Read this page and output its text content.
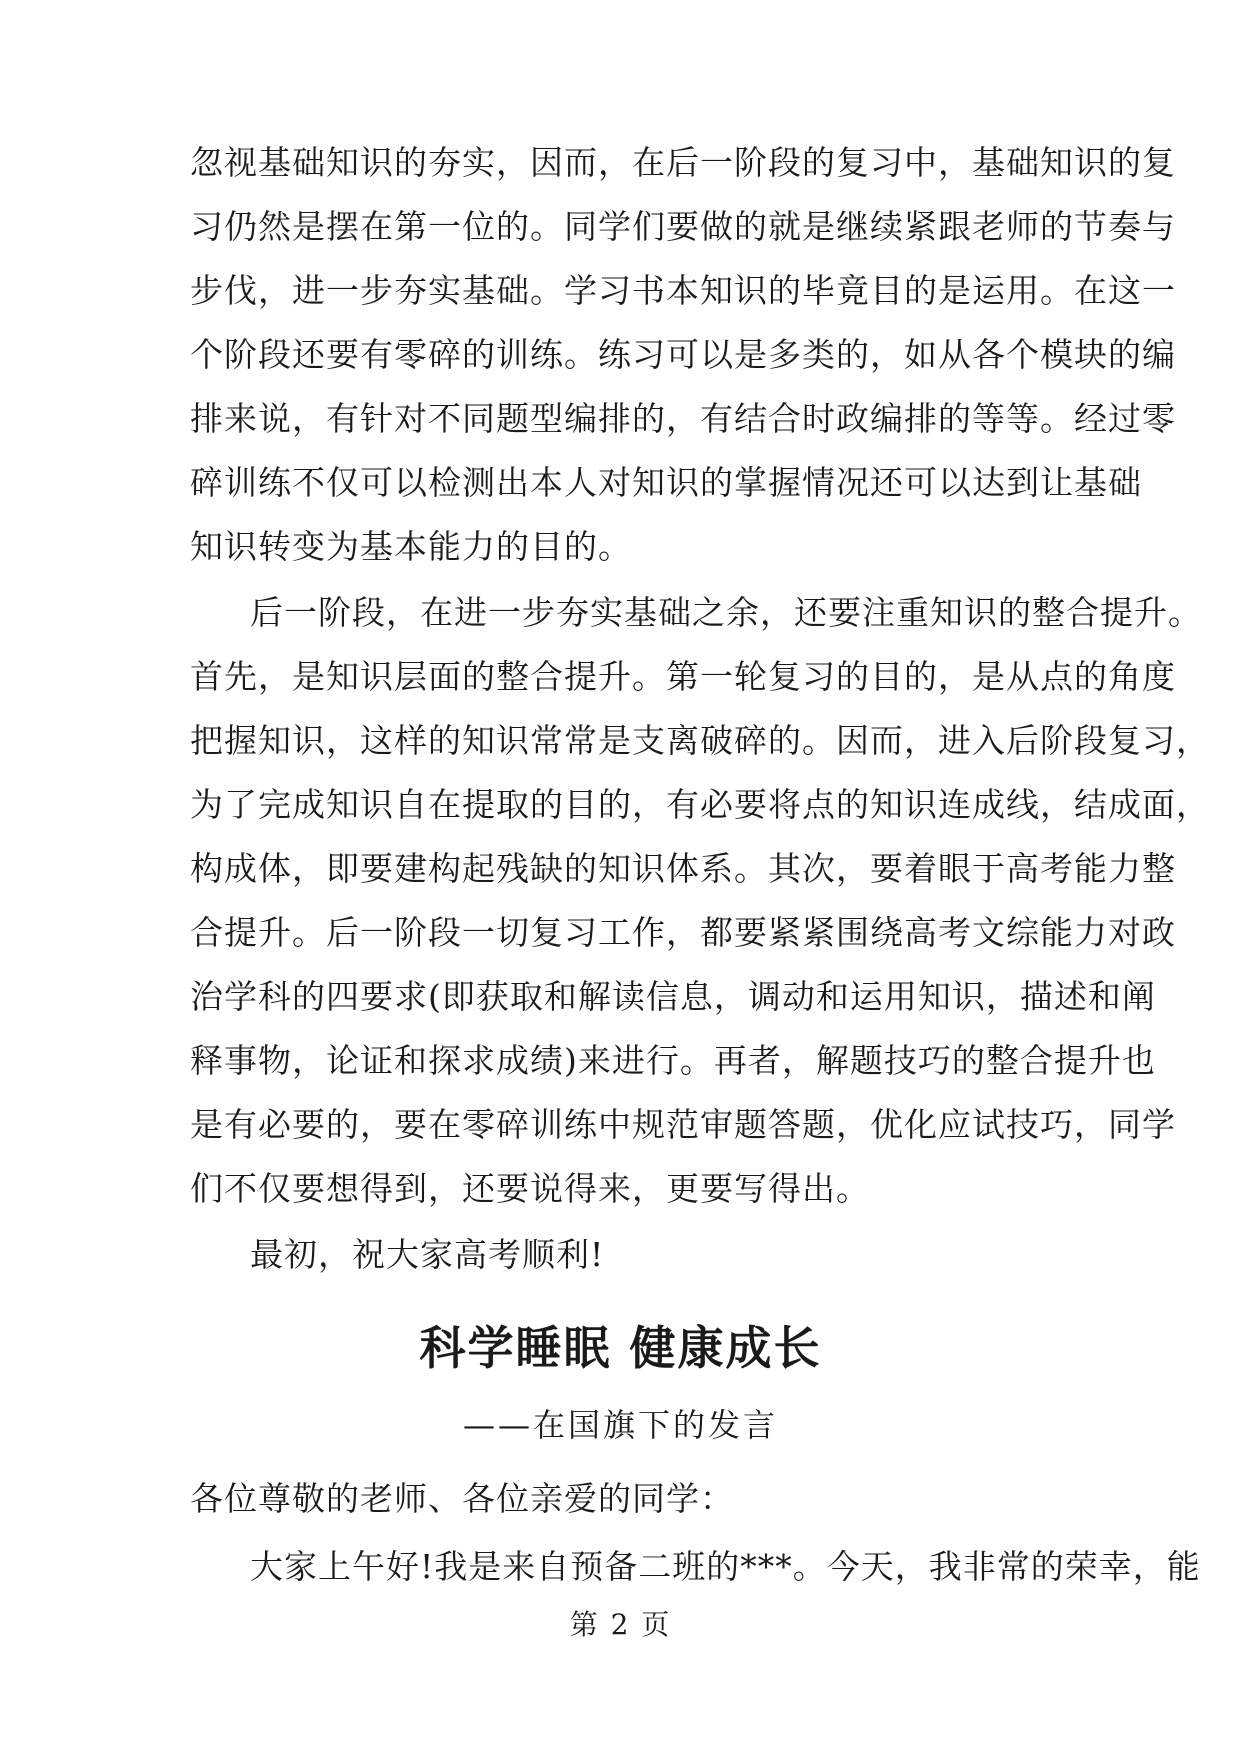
忽视基础知识的夯实，因而，在后一阶段的复习中，基础知识的复
习仍然是摆在第一位的。同学们要做的就是继续紧跟老师的节奏与
步伐，进一步夯实基础。学习书本知识的毕竟目的是运用。在这一
个阶段还要有零碎的训练。练习可以是多类的，如从各个模块的编
排来说，有针对不同题型编排的，有结合时政编排的等等。经过零
碎训练不仅可以检测出本人对知识的掌握情况还可以达到让基础
知识转变为基本能力的目的。
后一阶段，在进一步夯实基础之余，还要注重知识的整合提升。
首先，是知识层面的整合提升。第一轮复习的目的，是从点的角度
把握知识，这样的知识常常是支离破碎的。因而，进入后阶段复习，
为了完成知识自在提取的目的，有必要将点的知识连成线，结成面，
构成体，即要建构起残缺的知识体系。其次，要着眼于高考能力整
合提升。后一阶段一切复习工作，都要紧紧围绕高考文综能力对政
治学科的四要求(即获取和解读信息，调动和运用知识，描述和阐
释事物，论证和探求成绩)来进行。再者，解题技巧的整合提升也
是有必要的，要在零碎训练中规范审题答题，优化应试技巧，同学
们不仅要想得到，还要说得来，更要写得出。
最初，祝大家高考顺利!
科学睡眠 健康成长
——在国旗下的发言
各位尊敬的老师、各位亲爱的同学：
大家上午好!我是来自预备二班的***。今天，我非常的荣幸，能
第 2 页
